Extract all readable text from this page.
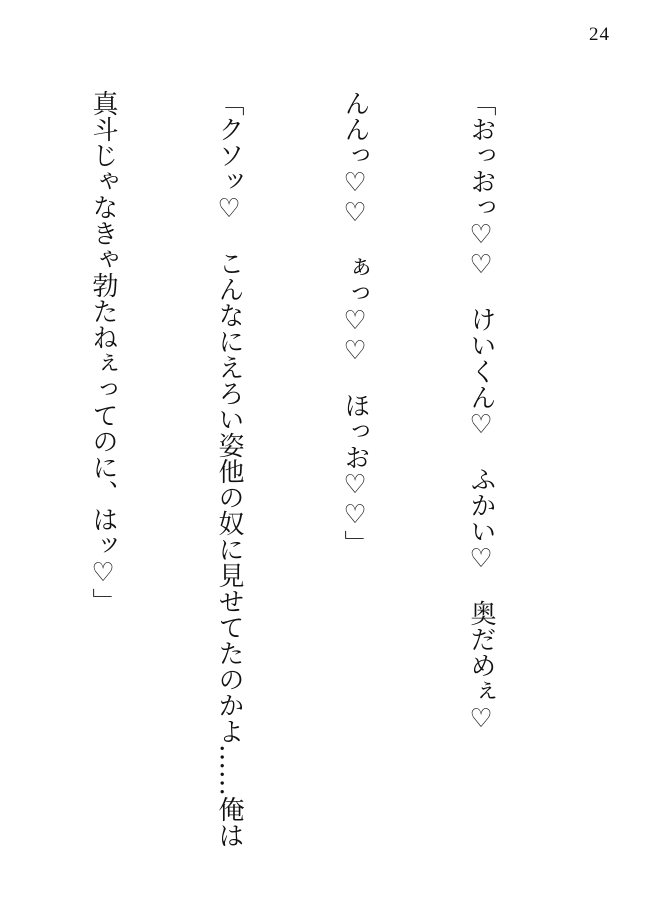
24

「おっおっ♡♡　けいくん♡　ふかい♡　奥だめぇ♡

んんっ♡♡　ぁっ♡♡　ほっお♡♡」

「クソッ♡　こんなにえろい姿他の奴に見せてたのかよ……俺は

真斗じゃなきゃ勃たねぇってのに、はッ♡」
